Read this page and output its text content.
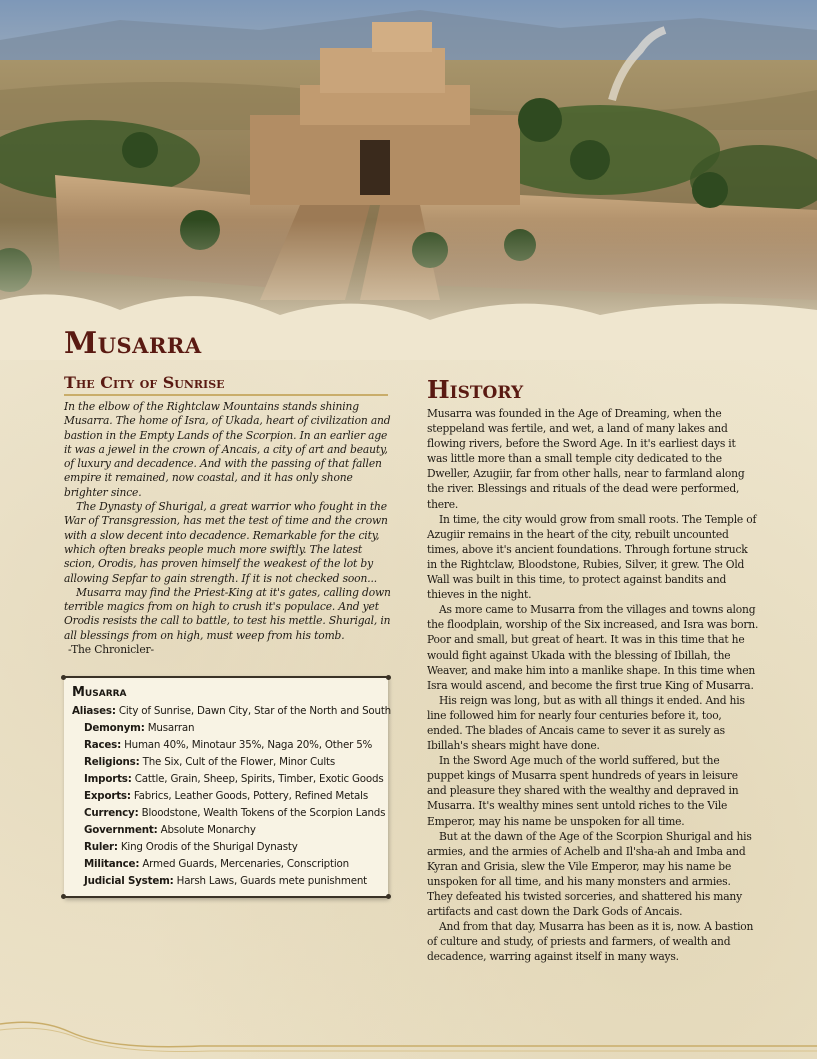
Musarra
The City of Sunrise

In the elbow of the Rightclaw Mountains stands shining Musarra. The home of Isra, of Ukada, heart of civilization and bastion in the Empty Lands of the Scorpion. In an earlier age it was a jewel in the crown of Ancais, a city of art and beauty, of luxury and decadence. And with the passing of that fallen empire it remained, now coastal, and it has only shone brighter since.

The Dynasty of Shurigal, a great warrior who fought in the War of Transgression, has met the test of time and the crown with a slow decent into decadence. Remarkable for the city, which often breaks people much more swiftly. The latest scion, Orodis, has proven himself the weakest of the lot by allowing Sepfar to gain strength. If it is not checked soon...

Musarra may find the Priest-King at it's gates, calling down terrible magics from on high to crush it's populace. And yet Orodis resists the call to battle, to test his mettle. Shurigal, in all blessings from on high, must weep from his tomb.

-The Chronicler-

Musarra
Aliases: City of Sunrise, Dawn City, Star of the North and South
Demonym: Musarran
Races: Human 40%, Minotaur 35%, Naga 20%, Other 5%
Religions: The Six, Cult of the Flower, Minor Cults
Imports: Cattle, Grain, Sheep, Spirits, Timber, Exotic Goods
Exports: Fabrics, Leather Goods, Pottery, Refined Metals
Currency: Bloodstone, Wealth Tokens of the Scorpion Lands
Government: Absolute Monarchy
Ruler: King Orodis of the Shurigal Dynasty
Militance: Armed Guards, Mercenaries, Conscription
Judicial System: Harsh Laws, Guards mete punishment
History

Musarra was founded in the Age of Dreaming, when the steppeland was fertile, and wet, a land of many lakes and flowing rivers, before the Sword Age. In it's earliest days it was little more than a small temple city dedicated to the Dweller, Azugiir, far from other halls, near to farmland along the river. Blessings and rituals of the dead were performed, there.

In time, the city would grow from small roots. The Temple of Azugiir remains in the heart of the city, rebuilt uncounted times, above it's ancient foundations. Through fortune struck in the Rightclaw, Bloodstone, Rubies, Silver, it grew. The Old Wall was built in this time, to protect against bandits and thieves in the night.

As more came to Musarra from the villages and towns along the floodplain, worship of the Six increased, and Isra was born. Poor and small, but great of heart. It was in this time that he would fight against Ukada with the blessing of Ibillah, the Weaver, and make him into a manlike shape. In this time when Isra would ascend, and become the first true King of Musarra.

His reign was long, but as with all things it ended. And his line followed him for nearly four centuries before it, too, ended. The blades of Ancais came to sever it as surely as Ibillah's shears might have done.

In the Sword Age much of the world suffered, but the puppet kings of Musarra spent hundreds of years in leisure and pleasure they shared with the wealthy and depraved in Musarra. It's wealthy mines sent untold riches to the Vile Emperor, may his name be unspoken for all time.

But at the dawn of the Age of the Scorpion Shurigal and his armies, and the armies of Achelb and Il'sha-ah and Imba and Kyran and Grisia, slew the Vile Emperor, may his name be unspoken for all time, and his many monsters and armies. They defeated his twisted sorceries, and shattered his many artifacts and cast down the Dark Gods of Ancais.

And from that day, Musarra has been as it is, now. A bastion of culture and study, of priests and farmers, of wealth and decadence, warring against itself in many ways.
